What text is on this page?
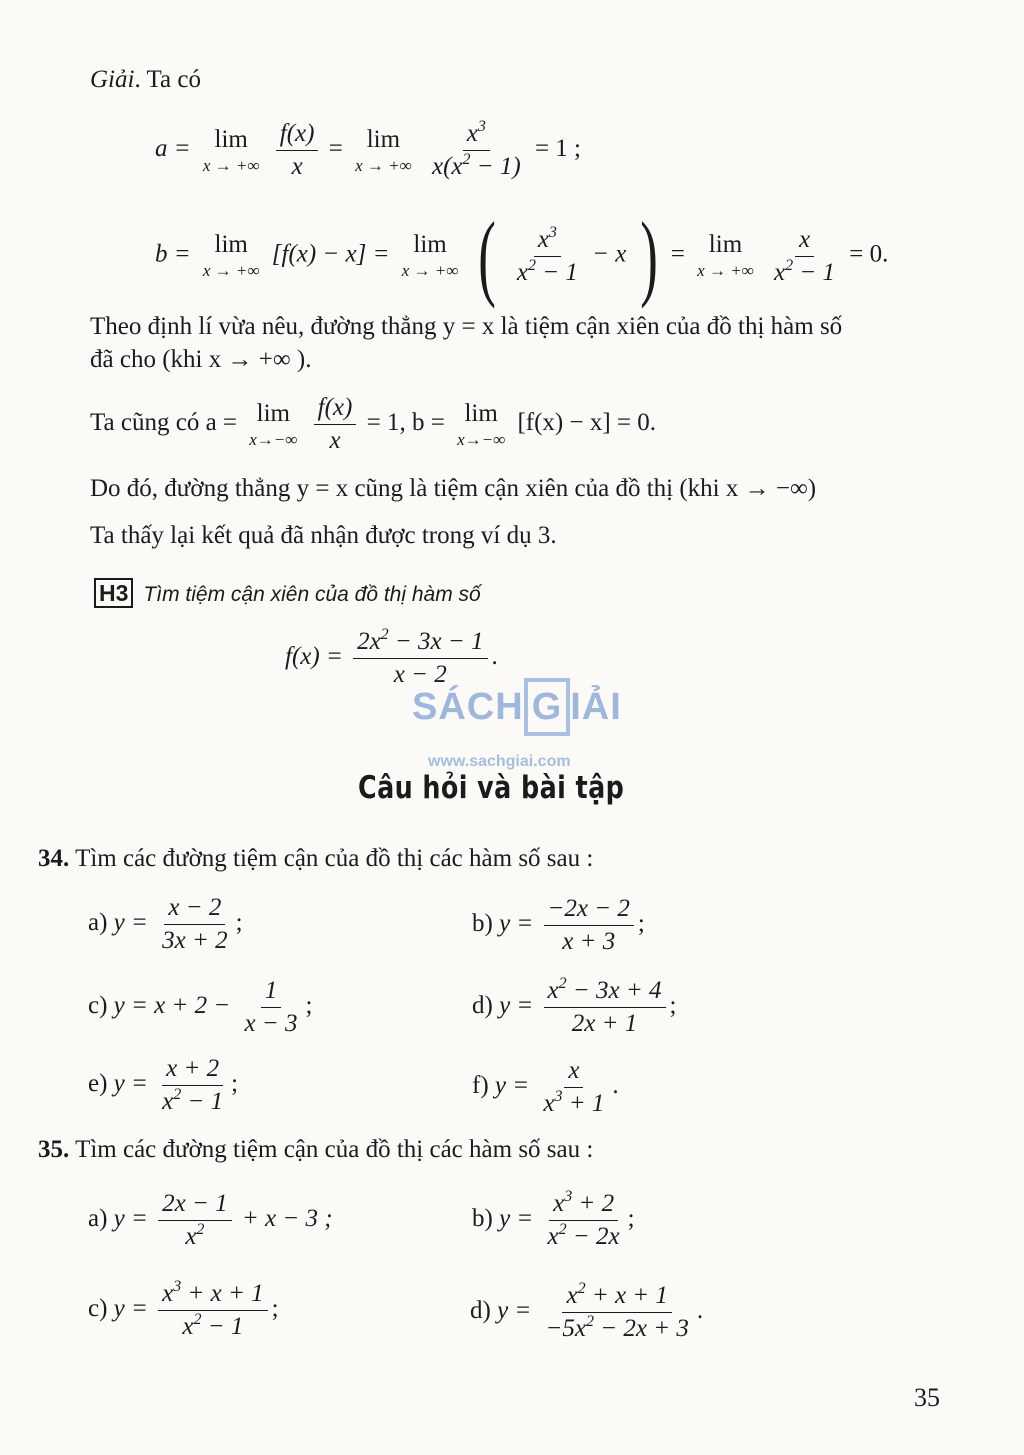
Giải. Ta có
a = lim
x → +∞
$\frac{f(x)}{x} = \lim$
x → +∞
$\frac{x^3}{x(x^2 - 1)} = 1$ ;
b = lim
x → +∞
[f(x) − x] = lim
x → +∞ ( $\frac{x^3}{x^2 - 1} - x$ ) = lim
x → +∞
$\frac{x}{x^2 - 1} = 0$.
Theo định lí vừa nêu, đường thẳng y = x là tiệm cận xiên của đồ thị hàm số
đã cho (khi x → +∞ ).
Ta cũng có a = lim
x→−∞
$\frac{f(x)}{x} = 1$, b = lim
x→−∞
[f(x) − x] = 0.
Do đó, đường thẳng y = x cũng là tiệm cận xiên của đồ thị (khi x → −∞)
Ta thấy lại kết quả đã nhận được trong ví dụ 3.
H3 Tìm tiệm cận xiên của đồ thị hàm số
$f(x) = \frac{2x^2 - 3x - 1}{x - 2}$ .
SÁCH G IẢI
www.sachgiai.com
Câu hỏi và bài tập
34. Tìm các đường tiệm cận của đồ thị các hàm số sau :
a) $y = \frac{x - 2}{3x + 2}$ ;	b) $y = \frac{-2x - 2}{x + 3}$ ;
c) $y = x + 2 - \frac{1}{x - 3}$ ;	d) $y = \frac{x^2 - 3x + 4}{2x + 1}$ ;
e) $y = \frac{x + 2}{x^2 - 1}$ ;	f) $y = \frac{x}{x^3 + 1}$ .
35. Tìm các đường tiệm cận của đồ thị các hàm số sau :
a) $y = \frac{2x - 1}{x^2} + x - 3$ ;	b) $y = \frac{x^3 + 2}{x^2 - 2x}$ ;
c) $y = \frac{x^3 + x + 1}{x^2 - 1}$ ;	d) $y = \frac{x^2 + x + 1}{-5x^2 - 2x + 3}$ .
35
